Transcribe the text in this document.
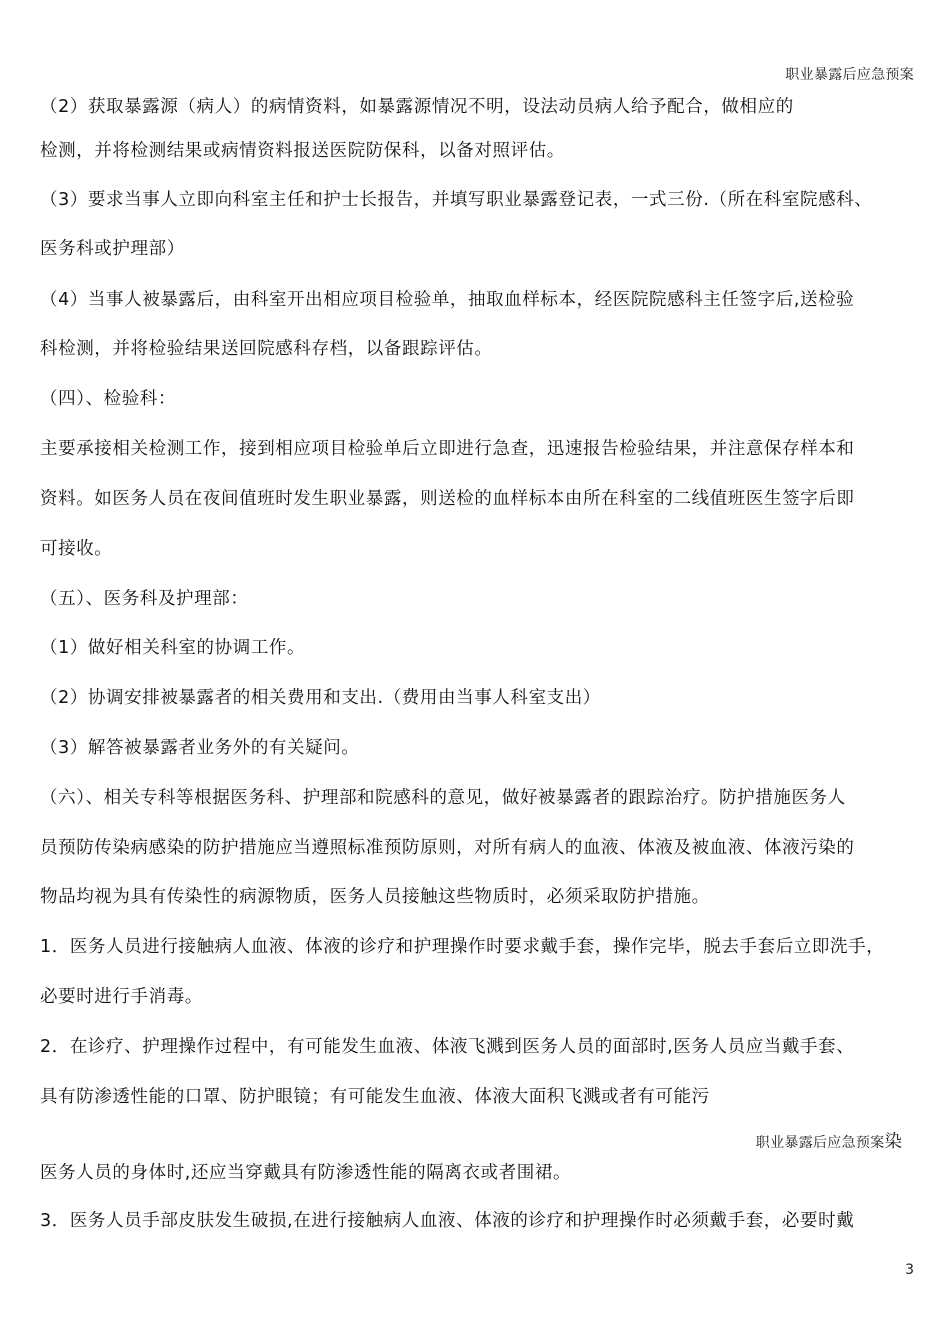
职业暴露后应急预案
（2）获取暴露源（病人）的病情资料，如暴露源情况不明，设法动员病人给予配合，做相应的
检测，并将检测结果或病情资料报送医院防保科，以备对照评估。
（3）要求当事人立即向科室主任和护士长报告，并填写职业暴露登记表，一式三份.（所在科室院感科、
医务科或护理部）
（4）当事人被暴露后，由科室开出相应项目检验单，抽取血样标本，经医院院感科主任签字后,送检验
科检测，并将检验结果送回院感科存档，以备跟踪评估。
（四）、检验科：
主要承接相关检测工作，接到相应项目检验单后立即进行急查，迅速报告检验结果，并注意保存样本和
资料。如医务人员在夜间值班时发生职业暴露，则送检的血样标本由所在科室的二线值班医生签字后即
可接收。
（五）、医务科及护理部：
（1）做好相关科室的协调工作。
（2）协调安排被暴露者的相关费用和支出.（费用由当事人科室支出）
（3）解答被暴露者业务外的有关疑问。
（六）、相关专科等根据医务科、护理部和院感科的意见，做好被暴露者的跟踪治疗。防护措施医务人
员预防传染病感染的防护措施应当遵照标准预防原则，对所有病人的血液、体液及被血液、体液污染的
物品均视为具有传染性的病源物质，医务人员接触这些物质时，必须采取防护措施。
1．医务人员进行接触病人血液、体液的诊疗和护理操作时要求戴手套，操作完毕，脱去手套后立即洗手，
必要时进行手消毒。
2．在诊疗、护理操作过程中，有可能发生血液、体液飞溅到医务人员的面部时,医务人员应当戴手套、
具有防渗透性能的口罩、防护眼镜；有可能发生血液、体液大面积飞溅或者有可能污
职业暴露后应急预案染
医务人员的身体时,还应当穿戴具有防渗透性能的隔离衣或者围裙。
3．医务人员手部皮肤发生破损,在进行接触病人血液、体液的诊疗和护理操作时必须戴手套，必要时戴
3
